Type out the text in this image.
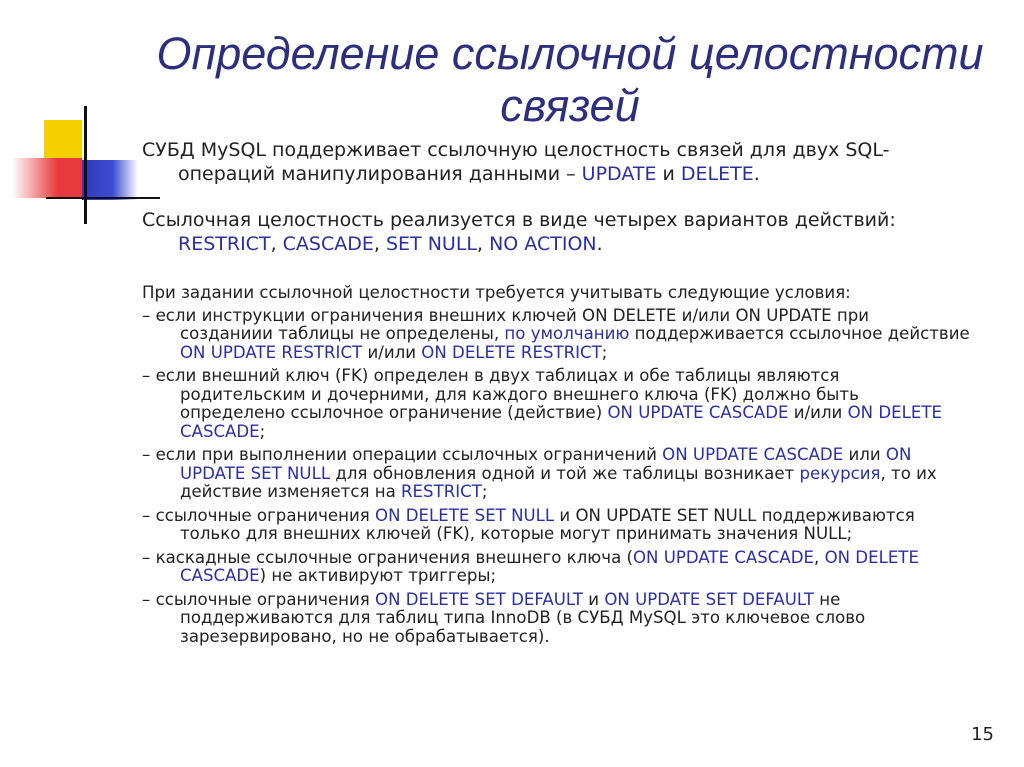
Определение ссылочной целостности
связей

СУБД MySQL поддерживает ссылочную целостность связей для двух SQL-
операций манипулирования данными – UPDATE и DELETE.

Ссылочная целостность реализуется в виде четырех вариантов действий:
RESTRICT, CASCADE, SET NULL, NO ACTION.

При задании ссылочной целостности требуется учитывать следующие условия:

– если инструкции ограничения внешних ключей ON DELETE и/или ON UPDATE при
созданиии таблицы не определены, по умолчанию поддерживается ссылочное действие
ON UPDATE RESTRICT и/или ON DELETE RESTRICT;
– если внешний ключ (FK) определен в двух таблицах и обе таблицы являются
родительским и дочерними, для каждого внешнего ключа (FK) должно быть
определено ссылочное ограничение (действие) ON UPDATE CASCADE и/или ON DELETE
CASCADE;
– если при выполнении операции ссылочных ограничений ON UPDATE CASCADE или ON
UPDATE SET NULL для обновления одной и той же таблицы возникает рекурсия, то их
действие изменяется на RESTRICT;
– ссылочные ограничения ON DELETE SET NULL и ON UPDATE SET NULL поддерживаются
только для внешних ключей (FK), которые могут принимать значения NULL;
– каскадные ссылочные ограничения внешнего ключа (ON UPDATE CASCADE, ON DELETE
CASCADE) не активируют триггеры;
– ссылочные ограничения ON DELETE SET DEFAULT и ON UPDATE SET DEFAULT не
поддерживаются для таблиц типа InnoDB (в СУБД MySQL это ключевое слово
зарезервировано, но не обрабатывается).
15
